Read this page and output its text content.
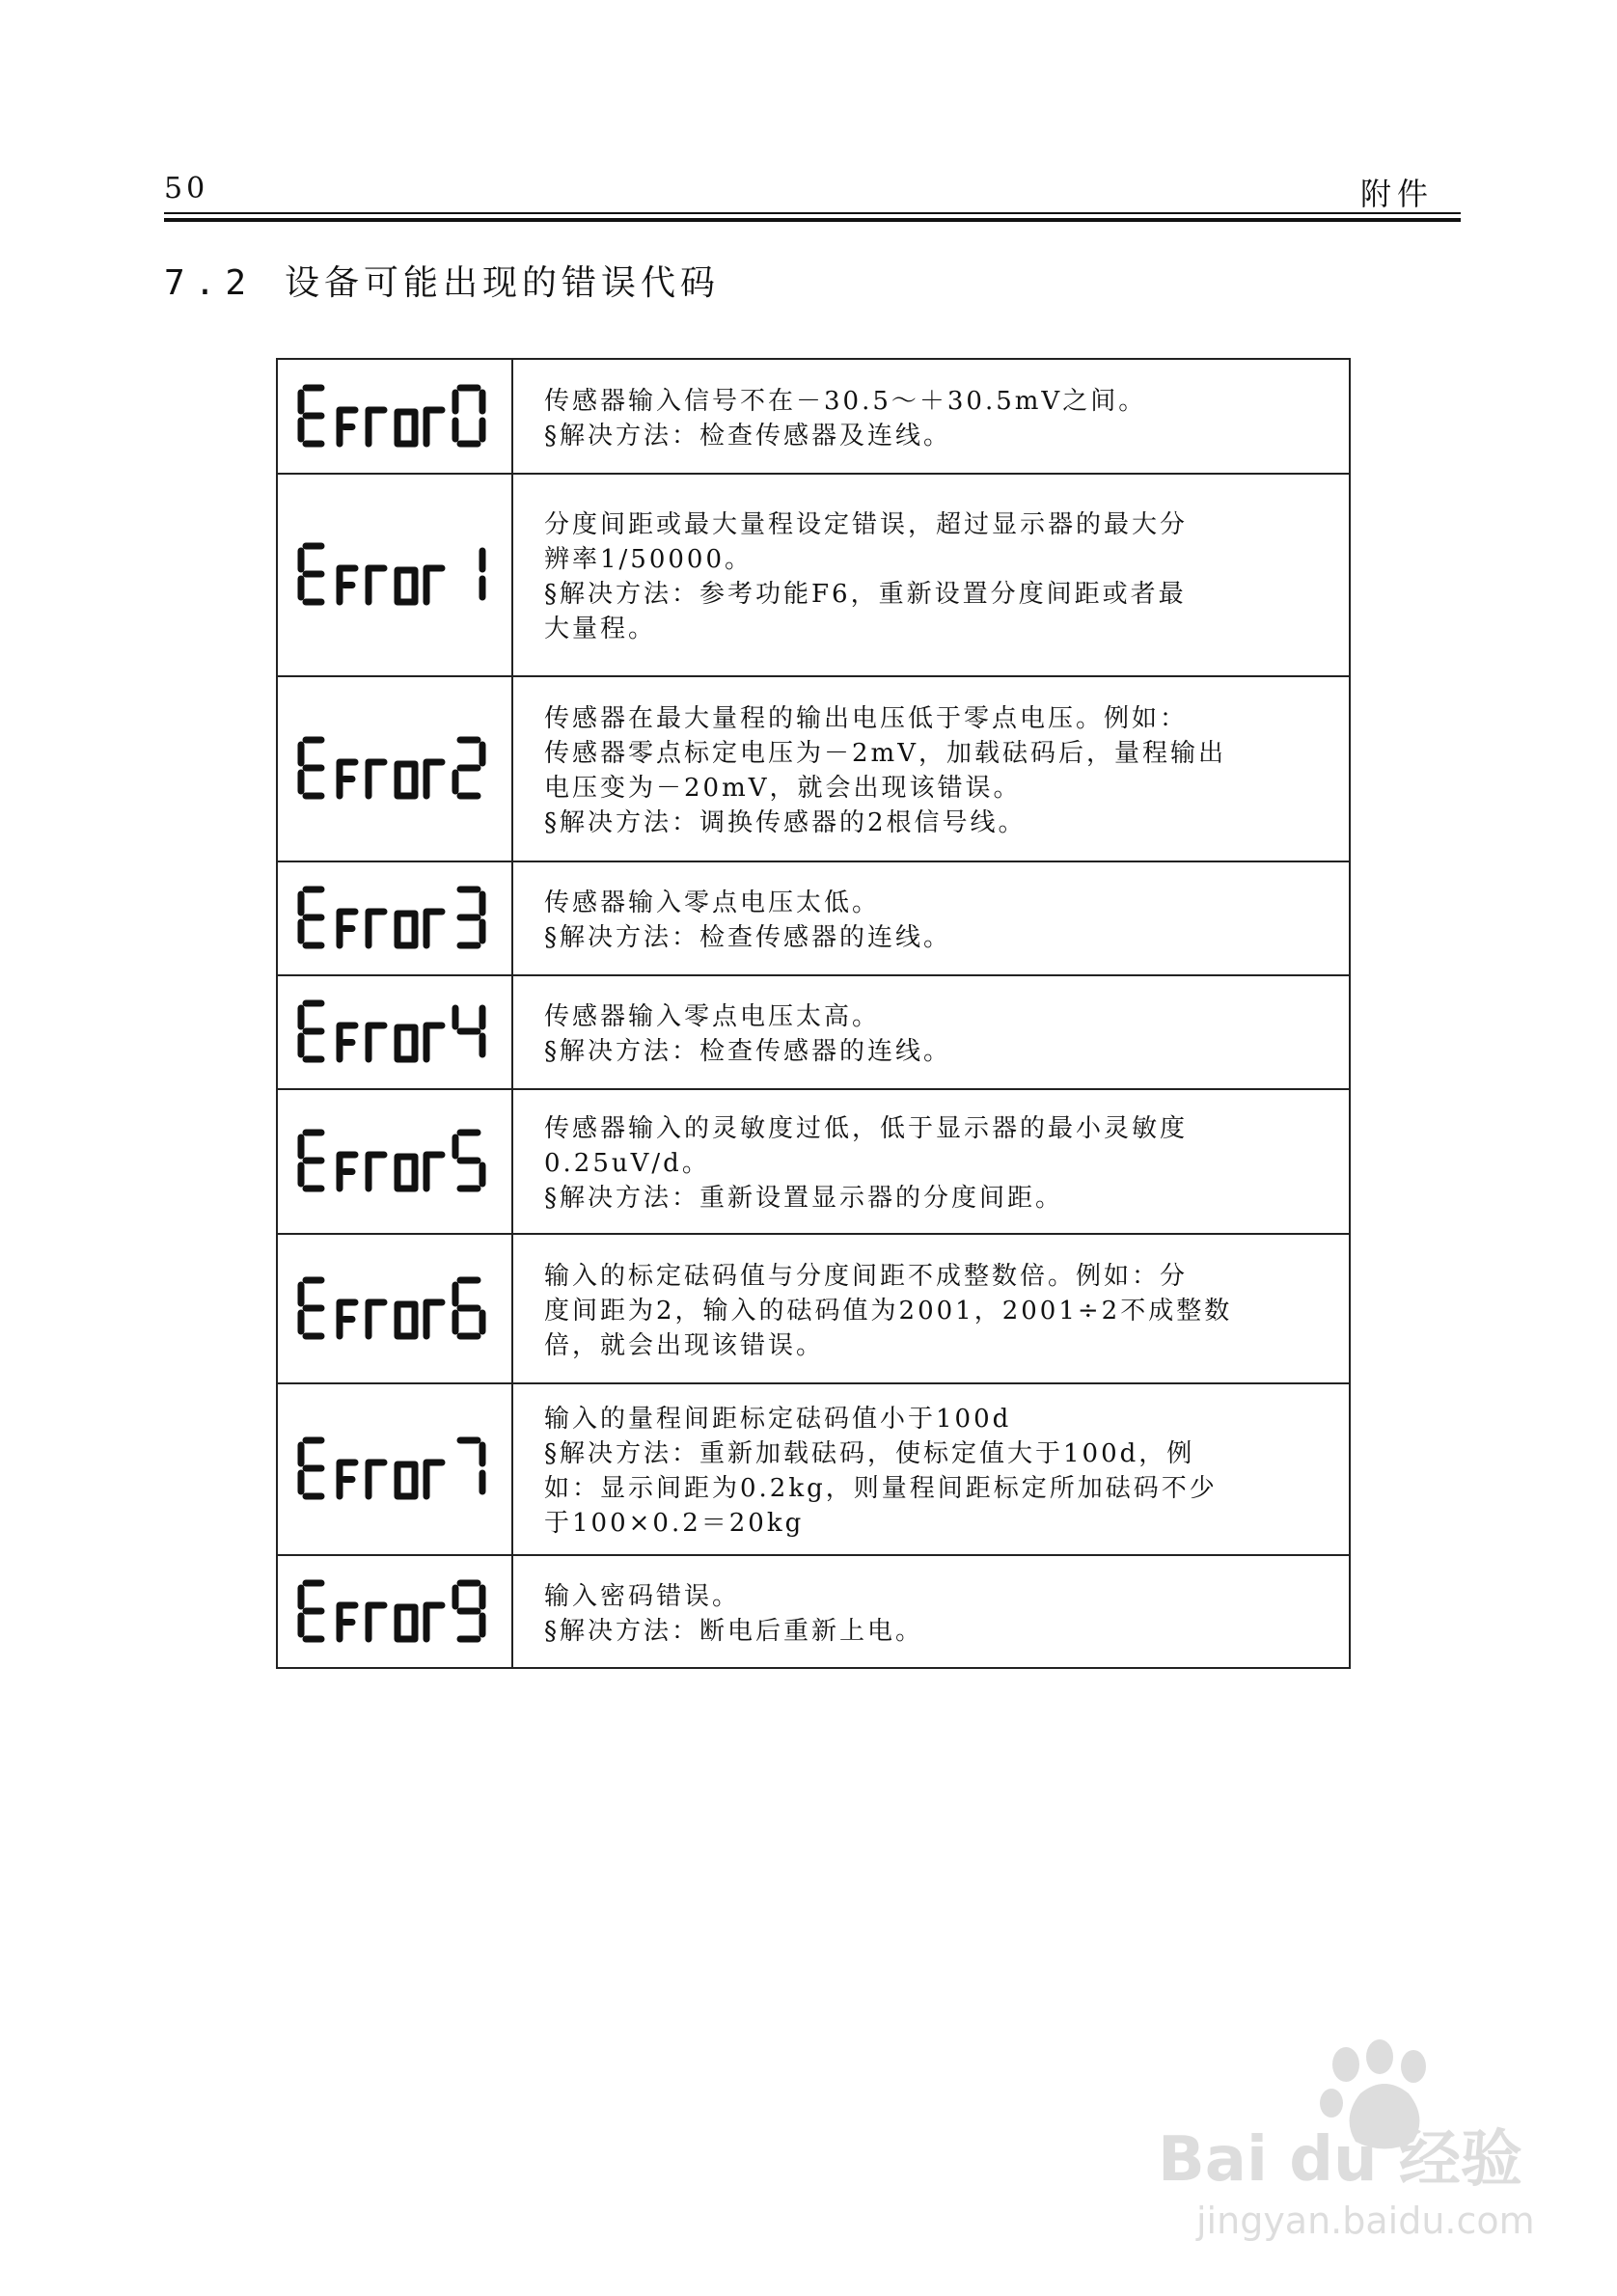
50	附件
7.2 设备可能出现的错误代码
传感器输入信号不在－30.5～＋30.5mV之间。
§解决方法：检查传感器及连线。
分度间距或最大量程设定错误，超过显示器的最大分
辨率1/50000。
§解决方法：参考功能F6，重新设置分度间距或者最
大量程。
传感器在最大量程的输出电压低于零点电压。例如：
传感器零点标定电压为－2mV，加载砝码后，量程输出
电压变为－20mV，就会出现该错误。
§解决方法：调换传感器的2根信号线。
传感器输入零点电压太低。
§解决方法：检查传感器的连线。
传感器输入零点电压太高。
§解决方法：检查传感器的连线。
传感器输入的灵敏度过低，低于显示器的最小灵敏度
0.25uV/d。
§解决方法：重新设置显示器的分度间距。
输入的标定砝码值与分度间距不成整数倍。例如：分
度间距为2，输入的砝码值为2001，2001÷2不成整数
倍，就会出现该错误。
输入的量程间距标定砝码值小于100d
§解决方法：重新加载砝码，使标定值大于100d，例
如：显示间距为0.2kg，则量程间距标定所加砝码不少
于100×0.2＝20kg
输入密码错误。
§解决方法：断电后重新上电。
Bai du 经验
jingyan.baidu.com
